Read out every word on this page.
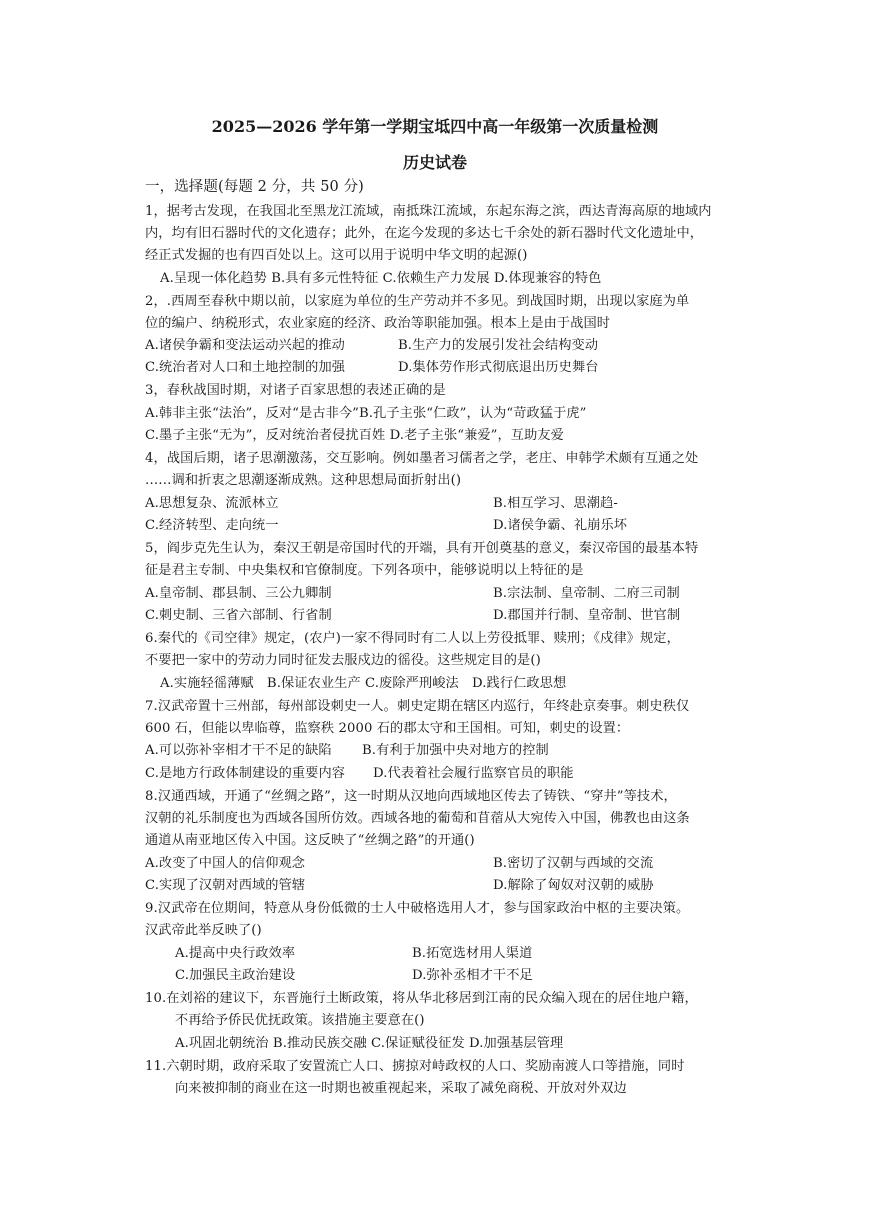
2025—2026 学年第一学期宝坻四中高一年级第一次质量检测
历史试卷
一，选择题(每题 2 分，共 50 分)
1，据考古发现，在我国北至黑龙江流域，南抵珠江流域，东起东海之滨，西达青海高原的地域内
内，均有旧石器时代的文化遗存；此外，在迄今发现的多达七千余处的新石器时代文化遗址中，
经正式发掘的也有四百处以上。这可以用于说明中华文明的起源()
A.呈现一体化趋势 B.具有多元性特征 C.依赖生产力发展 D.体现兼容的特色
2，.西周至春秋中期以前，以家庭为单位的生产劳动并不多见。到战国时期，出现以家庭为单
位的编户、纳税形式，农业家庭的经济、政治等职能加强。根本上是由于战国时
A.诸侯争霸和变法运动兴起的推动	B.生产力的发展引发社会结构变动
C.统治者对人口和土地控制的加强	D.集体劳作形式彻底退出历史舞台
3，春秋战国时期，对诸子百家思想的表述正确的是
A.韩非主张“法治”，反对“是古非今”B.孔子主张“仁政”，认为“苛政猛于虎”
C.墨子主张“无为”，反对统治者侵扰百姓 D.老子主张“兼爱”，互助友爱
4，战国后期，诸子思潮激荡，交互影响。例如墨者习儒者之学，老庄、申韩学术颇有互通之处
……调和折衷之思潮逐渐成熟。这种思想局面折射出()
A.思想复杂、流派林立	B.相互学习、思潮趋-
C.经济转型、走向统一	D.诸侯争霸、礼崩乐坏
5，阎步克先生认为，秦汉王朝是帝国时代的开端，具有开创奠基的意义，秦汉帝国的最基本特
征是君主专制、中央集权和官僚制度。下列各项中，能够说明以上特征的是
A.皇帝制、郡县制、三公九卿制	B.宗法制、皇帝制、二府三司制
C.刺史制、三省六部制、行省制	D.郡国并行制、皇帝制、世官制
6.秦代的《司空律》规定，(农户)一家不得同时有二人以上劳役抵罪、赎刑；《戍律》规定，
不要把一家中的劳动力同时征发去服戍边的徭役。这些规定目的是()
A.实施轻徭薄赋　B.保证农业生产 C.废除严刑峻法　D.践行仁政思想
7.汉武帝置十三州部，每州部设刺史一人。刺史定期在辖区内巡行，年终赴京奏事。刺史秩仅
600 石，但能以卑临尊，监察秩 2000 石的郡太守和王国相。可知，刺史的设置：
A.可以弥补宰相才干不足的缺陷 B.有利于加强中央对地方的控制
C.是地方行政体制建设的重要内容 D.代表着社会履行监察官员的职能
8.汉通西域，开通了“丝绸之路”，这一时期从汉地向西域地区传去了铸铁、“穿井”等技术，
汉朝的礼乐制度也为西域各国所仿效。西域各地的葡萄和苜蓿从大宛传入中国，佛教也由这条
通道从南亚地区传入中国。这反映了“丝绸之路”的开通()
A.改变了中国人的信仰观念	B.密切了汉朝与西域的交流
C.实现了汉朝对西域的管辖	D.解除了匈奴对汉朝的威胁
9.汉武帝在位期间，特意从身份低微的士人中破格选用人才，参与国家政治中枢的主要决策。
汉武帝此举反映了()
A.提高中央行政效率	B.拓宽选材用人渠道
C.加强民主政治建设	D.弥补丞相才干不足
10.在刘裕的建议下，东晋施行土断政策，将从华北移居到江南的民众编入现在的居住地户籍，
不再给予侨民优抚政策。该措施主要意在()
A.巩固北朝统治 B.推动民族交融 C.保证赋役征发 D.加强基层管理
11.六朝时期，政府采取了安置流亡人口、掳掠对峙政权的人口、奖励南渡人口等措施，同时
向来被抑制的商业在这一时期也被重视起来，采取了减免商税、开放对外双边
